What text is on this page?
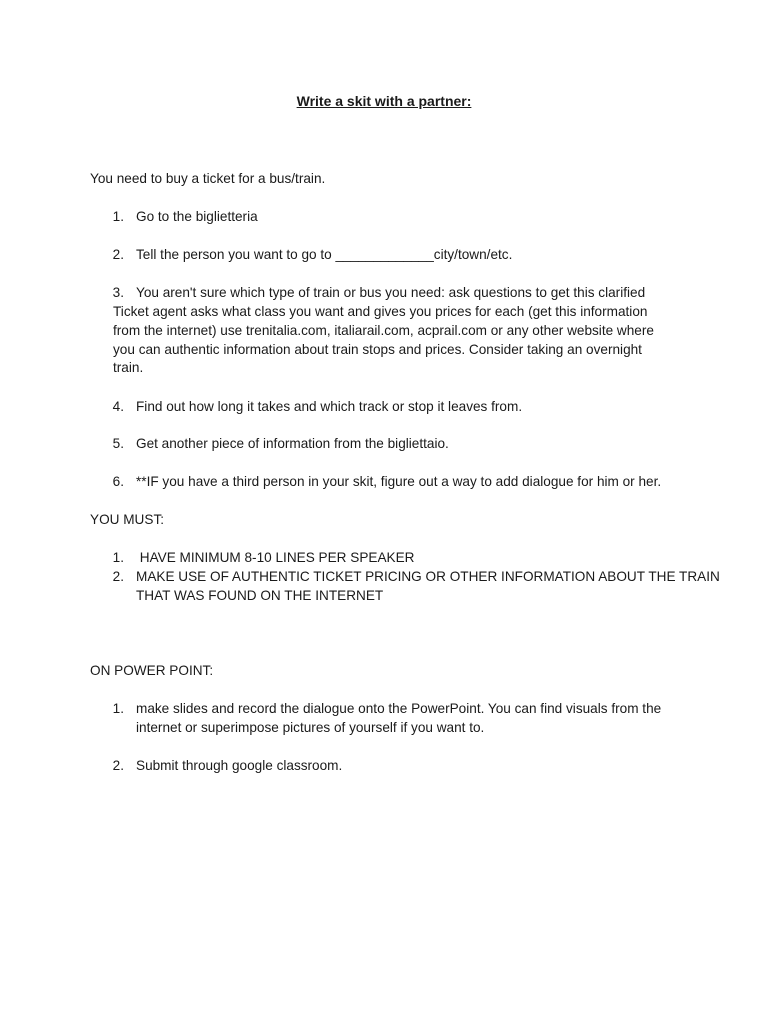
Write a skit with a partner:
You need to buy a ticket for a bus/train.
1. Go to the biglietteria
2. Tell the person you want to go to _____________city/town/etc.
3. You aren't sure which type of train or bus you need: ask questions to get this clarified
Ticket agent asks what class you want and gives you prices for each (get this information
from the internet) use trenitalia.com, italiarail.com, acprail.com or any other website where
you can authentic information about train stops and prices. Consider taking an overnight
train.
4. Find out how long it takes and which track or stop it leaves from.
5. Get another piece of information from the bigliettaio.
6. **IF you have a third person in your skit, figure out a way to add dialogue for him or her.
YOU MUST:
1. HAVE MINIMUM 8-10 LINES PER SPEAKER
2. MAKE USE OF AUTHENTIC TICKET PRICING OR OTHER INFORMATION ABOUT THE TRAIN
THAT WAS FOUND ON THE INTERNET
ON POWER POINT:
1. make slides and record the dialogue onto the PowerPoint. You can find visuals from the
internet or superimpose pictures of yourself if you want to.
2. Submit through google classroom.
